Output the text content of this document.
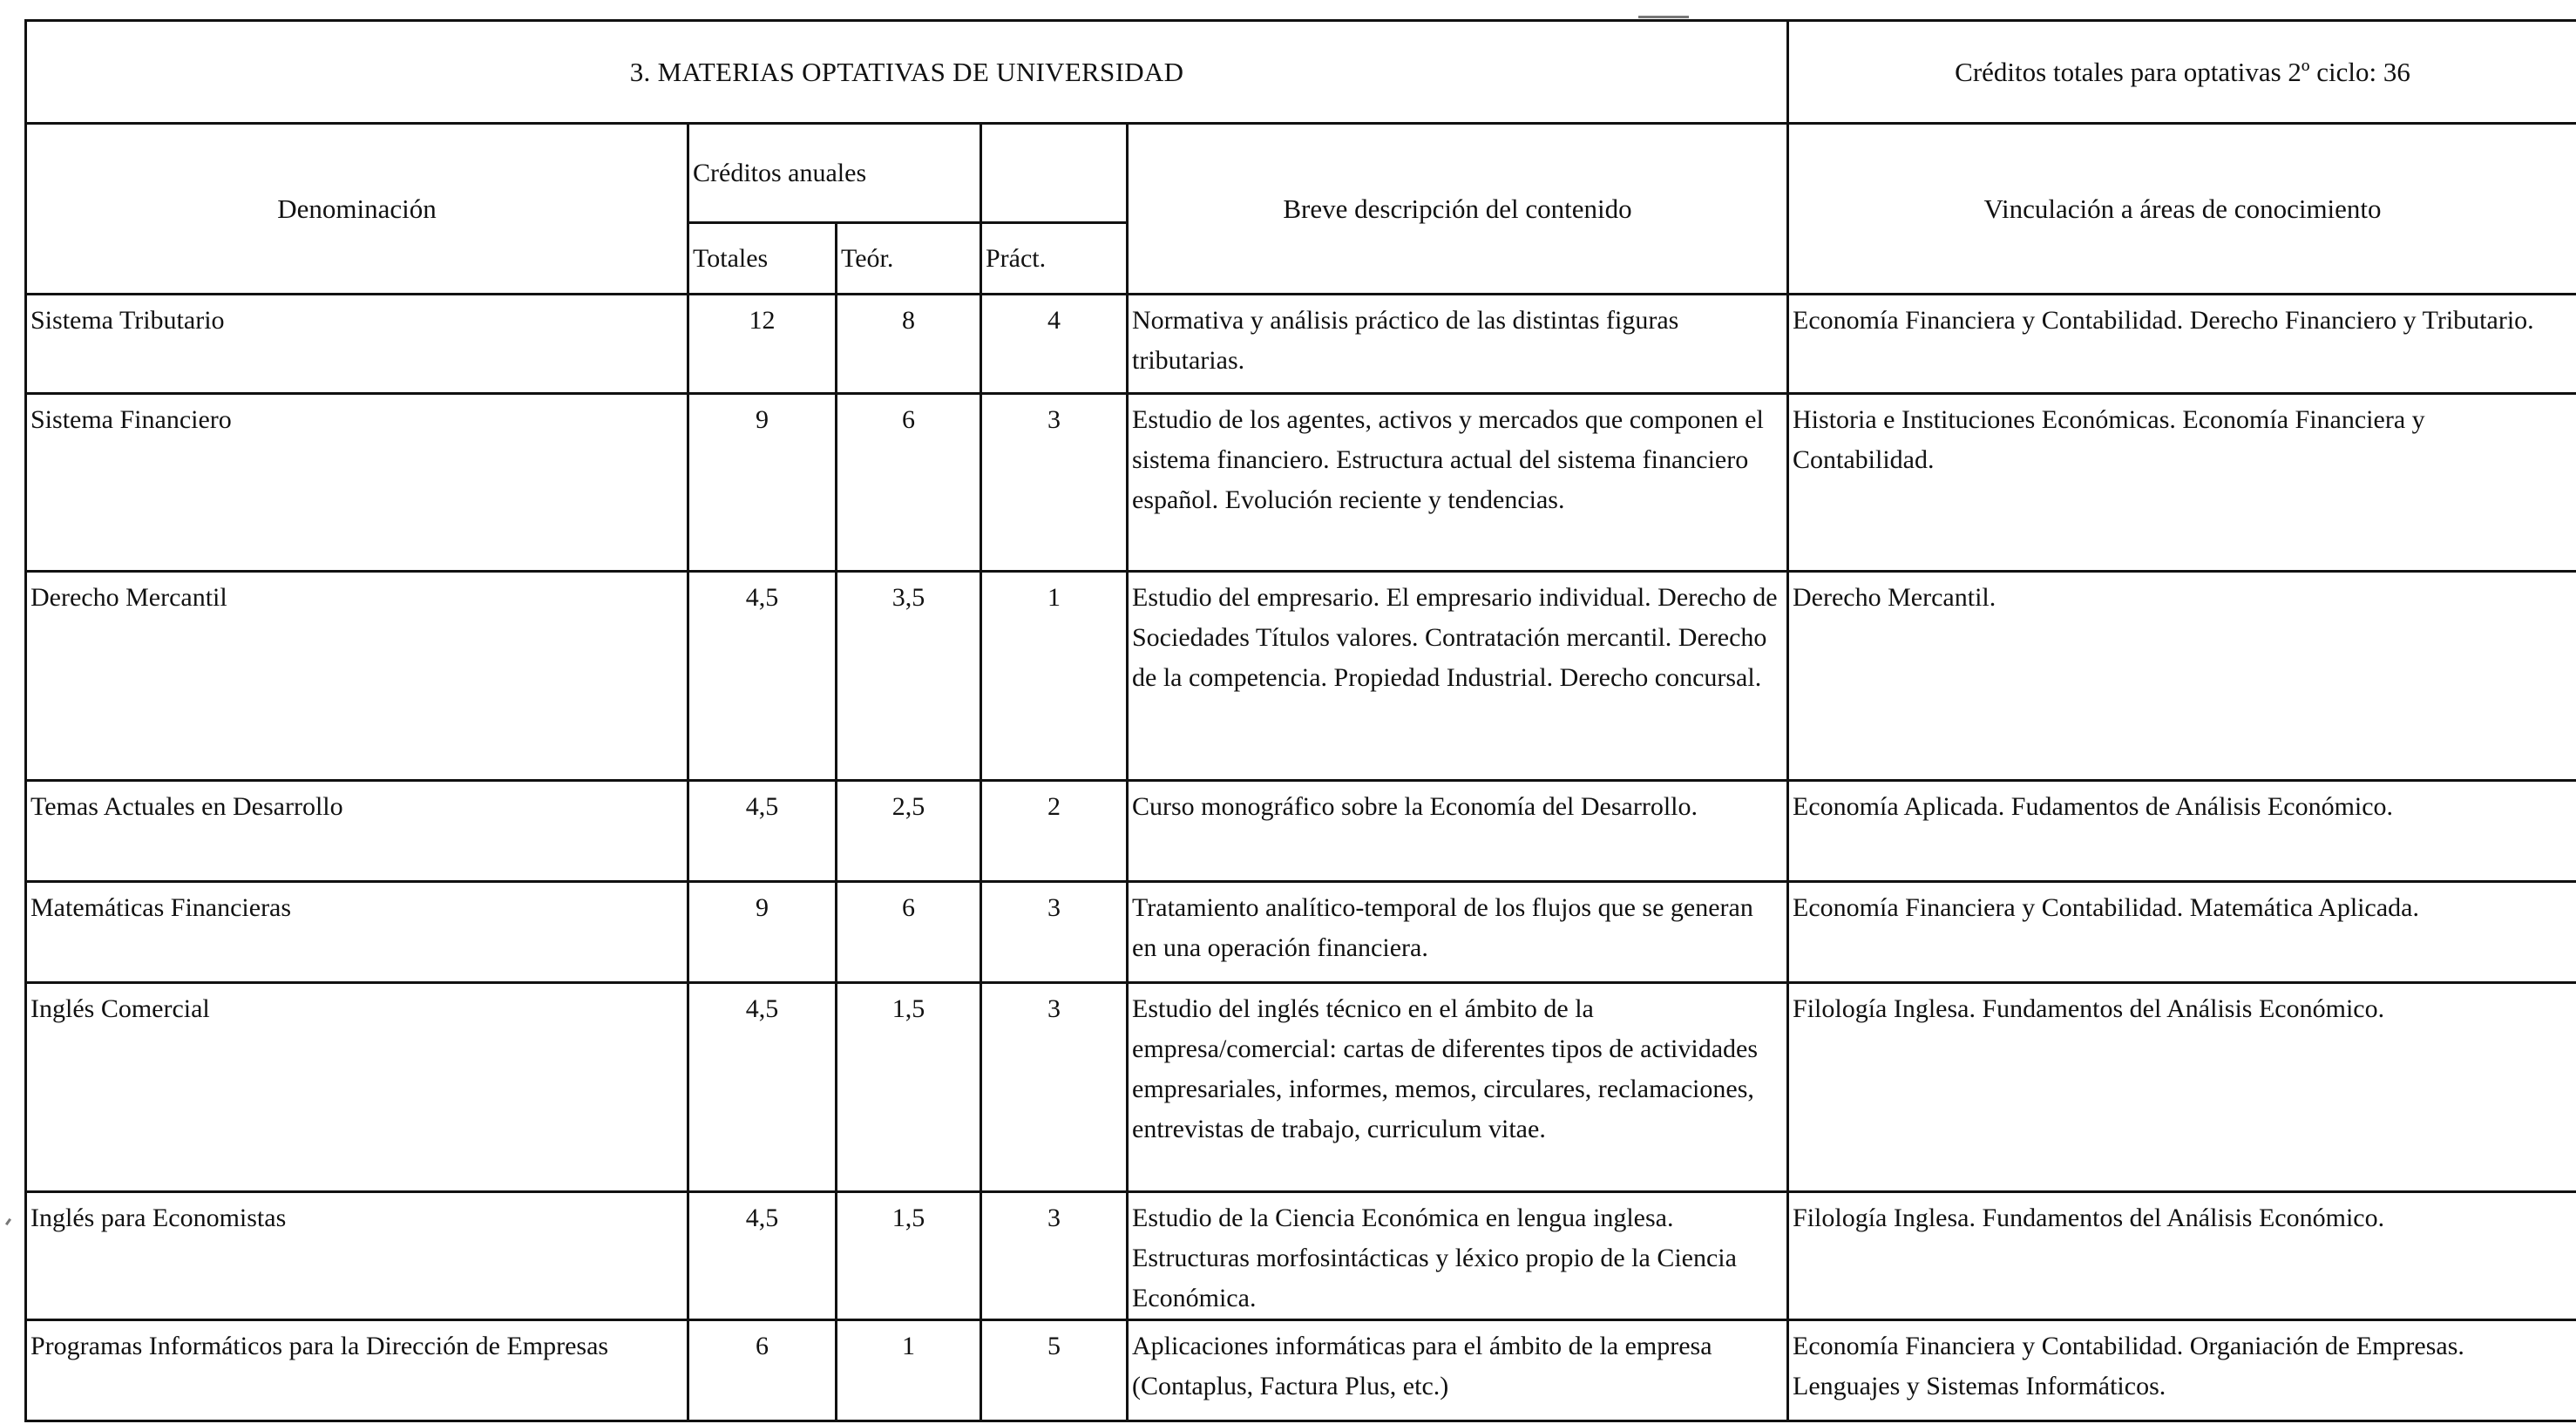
3. MATERIAS OPTATIVAS DE UNIVERSIDAD					Créditos totales para optativas 2º ciclo: 36
Denominación	Créditos anuales			Breve descripción del contenido	Vinculación a áreas de conocimiento
	Totales	Teór.	Práct.		
Sistema Tributario	12	8	4	Normativa y análisis práctico de las distintas figuras tributarias.	Economía Financiera y Contabilidad. Derecho Financiero y Tributario.
Sistema Financiero	9	6	3	Estudio de los agentes, activos y mercados que componen el sistema financiero. Estructura actual del sistema financiero español. Evolución reciente y tendencias.	Historia e Instituciones Económicas. Economía Financiera y Contabilidad.
Derecho Mercantil	4,5	3,5	1	Estudio del empresario. El empresario individual. Derecho de Sociedades Títulos valores. Contratación mercantil. Derecho de la competencia. Propiedad Industrial. Derecho concursal.	Derecho Mercantil.
Temas Actuales en Desarrollo	4,5	2,5	2	Curso monográfico sobre la Economía del Desarrollo.	Economía Aplicada. Fudamentos de Análisis Económico.
Matemáticas Financieras	9	6	3	Tratamiento analítico-temporal de los flujos que se generan en una operación financiera.	Economía Financiera y Contabilidad. Matemática Aplicada.
Inglés Comercial	4,5	1,5	3	Estudio del inglés técnico en el ámbito de la empresa/comercial: cartas de diferentes tipos de actividades empresariales, informes, memos, circulares, reclamaciones, entrevistas de trabajo, curriculum vitae.	Filología Inglesa. Fundamentos del Análisis Económico.
Inglés para Economistas	4,5	1,5	3	Estudio de la Ciencia Económica en lengua inglesa. Estructuras morfosintácticas y léxico propio de la Ciencia Económica.	Filología Inglesa. Fundamentos del Análisis Económico.
Programas Informáticos para la Dirección de Empresas	6	1	5	Aplicaciones informáticas para el ámbito de la empresa (Contaplus, Factura Plus, etc.)	Economía Financiera y Contabilidad. Organiación de Empresas. Lenguajes y Sistemas Informáticos.
